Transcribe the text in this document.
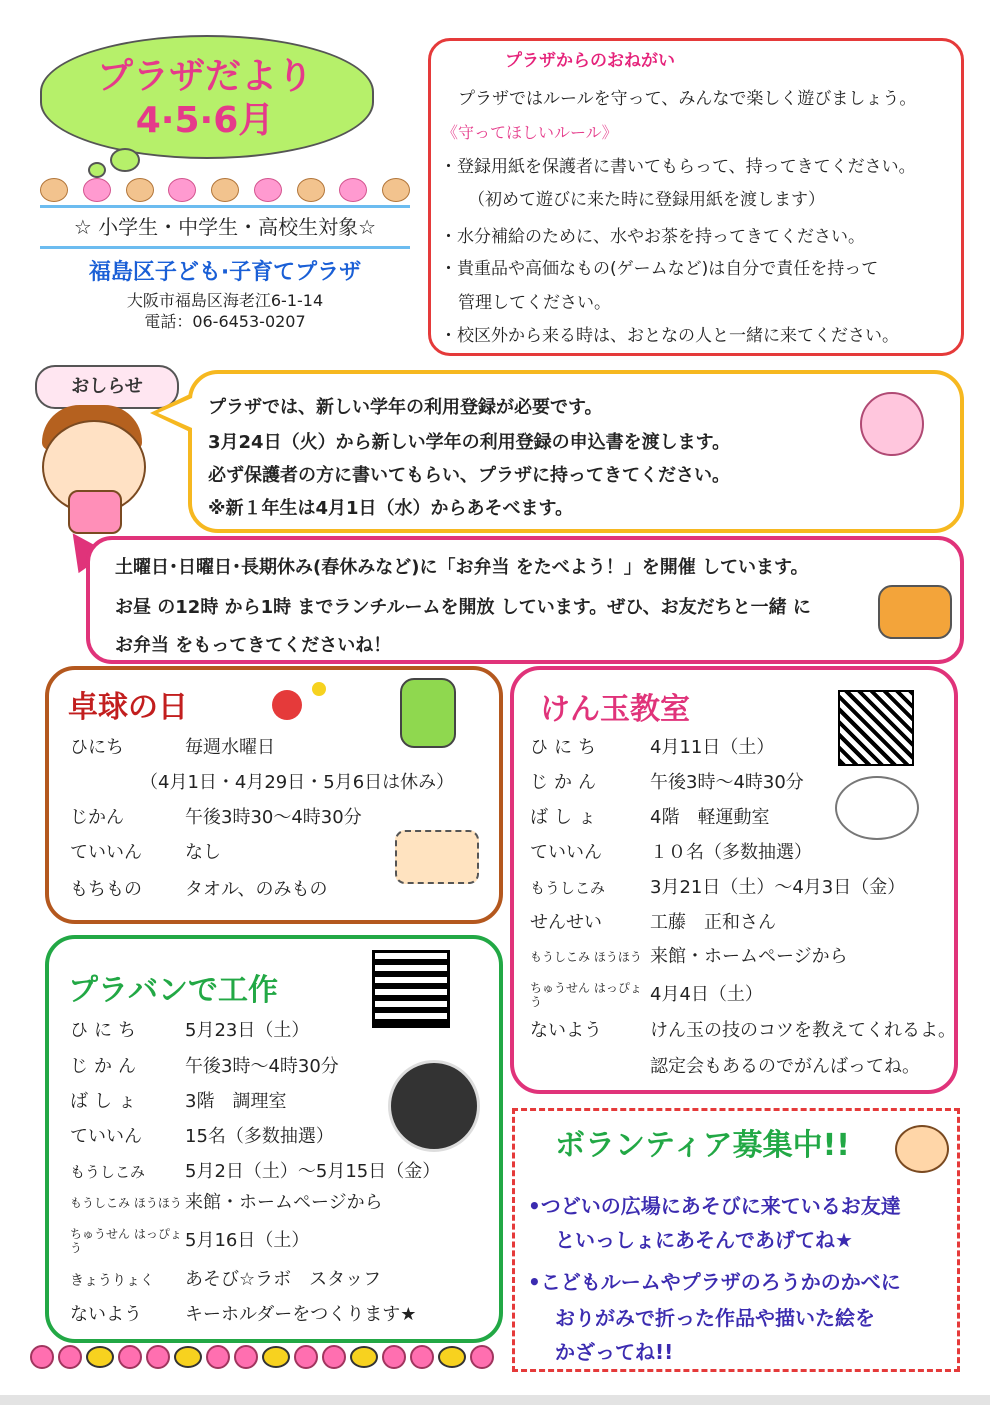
プラザだより
4·5·6月
☆ 小学生・中学生・高校生対象☆
福島区子ども·子育てプラザ
大阪市福島区海老江6-1-14
電話：06-6453-0207
プラザからのおねがい
プラザではルールを守って、みんなで楽しく遊びましょう。
《守ってほしいルール》
・登録用紙を保護者に書いてもらって、持ってきてください。
（初めて遊びに来た時に登録用紙を渡します）
・水分補給のために、水やお茶を持ってきてください。
・貴重品や高価なもの(ゲームなど)は自分で責任を持って
管理してください。
・校区外から来る時は、おとなの人と一緒に来てください。
おしらせ
プラザでは、新しい学年の利用登録が必要です。
3月24日（火）から新しい学年の利用登録の申込書を渡します。
必ず保護者の方に書いてもらい、プラザに持ってきてください。
※新１年生は4月1日（水）からあそべます。
土曜日･日曜日･長期休み(春休みなど)に「お弁当 をたべよう！」を開催 しています。
お昼 の12時 から1時 までランチルームを開放 しています。ぜひ、お友だちと一緒 に
お弁当 をもってきてくださいね！
卓球の日
ひにち	毎週水曜日
（4月1日・4月29日・5月6日は休み）
じかん	午後3時30～4時30分
ていいん なし
もちもの タオル、のみもの
けん玉教室
ひにち	4月11日（土）
じかん	午後3時～4時30分
ばしょ	4階　軽運動室
ていいん	１０名（多数抽選）
もうしこみ 3月21日（土）～4月3日（金）
せんせい	工藤　正和さん
もうしこみ ほうほう 来館・ホームページから
ちゅうせん はっぴょう	4月4日（土）
ないよう	けん玉の技のコツを教えてくれるよ。
認定会もあるのでがんばってね。
プラバンで工作
ひにち 5月23日（土）
じかん 午後3時～4時30分
ばしょ 3階　調理室
ていいん 15名（多数抽選）
もうしこみ 5月2日（土）～5月15日（金）
もうしこみ ほうほう 来館・ホームページから
ちゅうせん はっぴょう	5月16日（土）
きょうりょく あそび☆ラボ　スタッフ
ないよう キーホルダーをつくります★
ボランティア募集中!!
•つどいの広場にあそびに来ているお友達
といっしょにあそんであげてね★
•こどもルームやプラザのろうかのかべに
おりがみで折った作品や描いた絵を
かざってね!!
